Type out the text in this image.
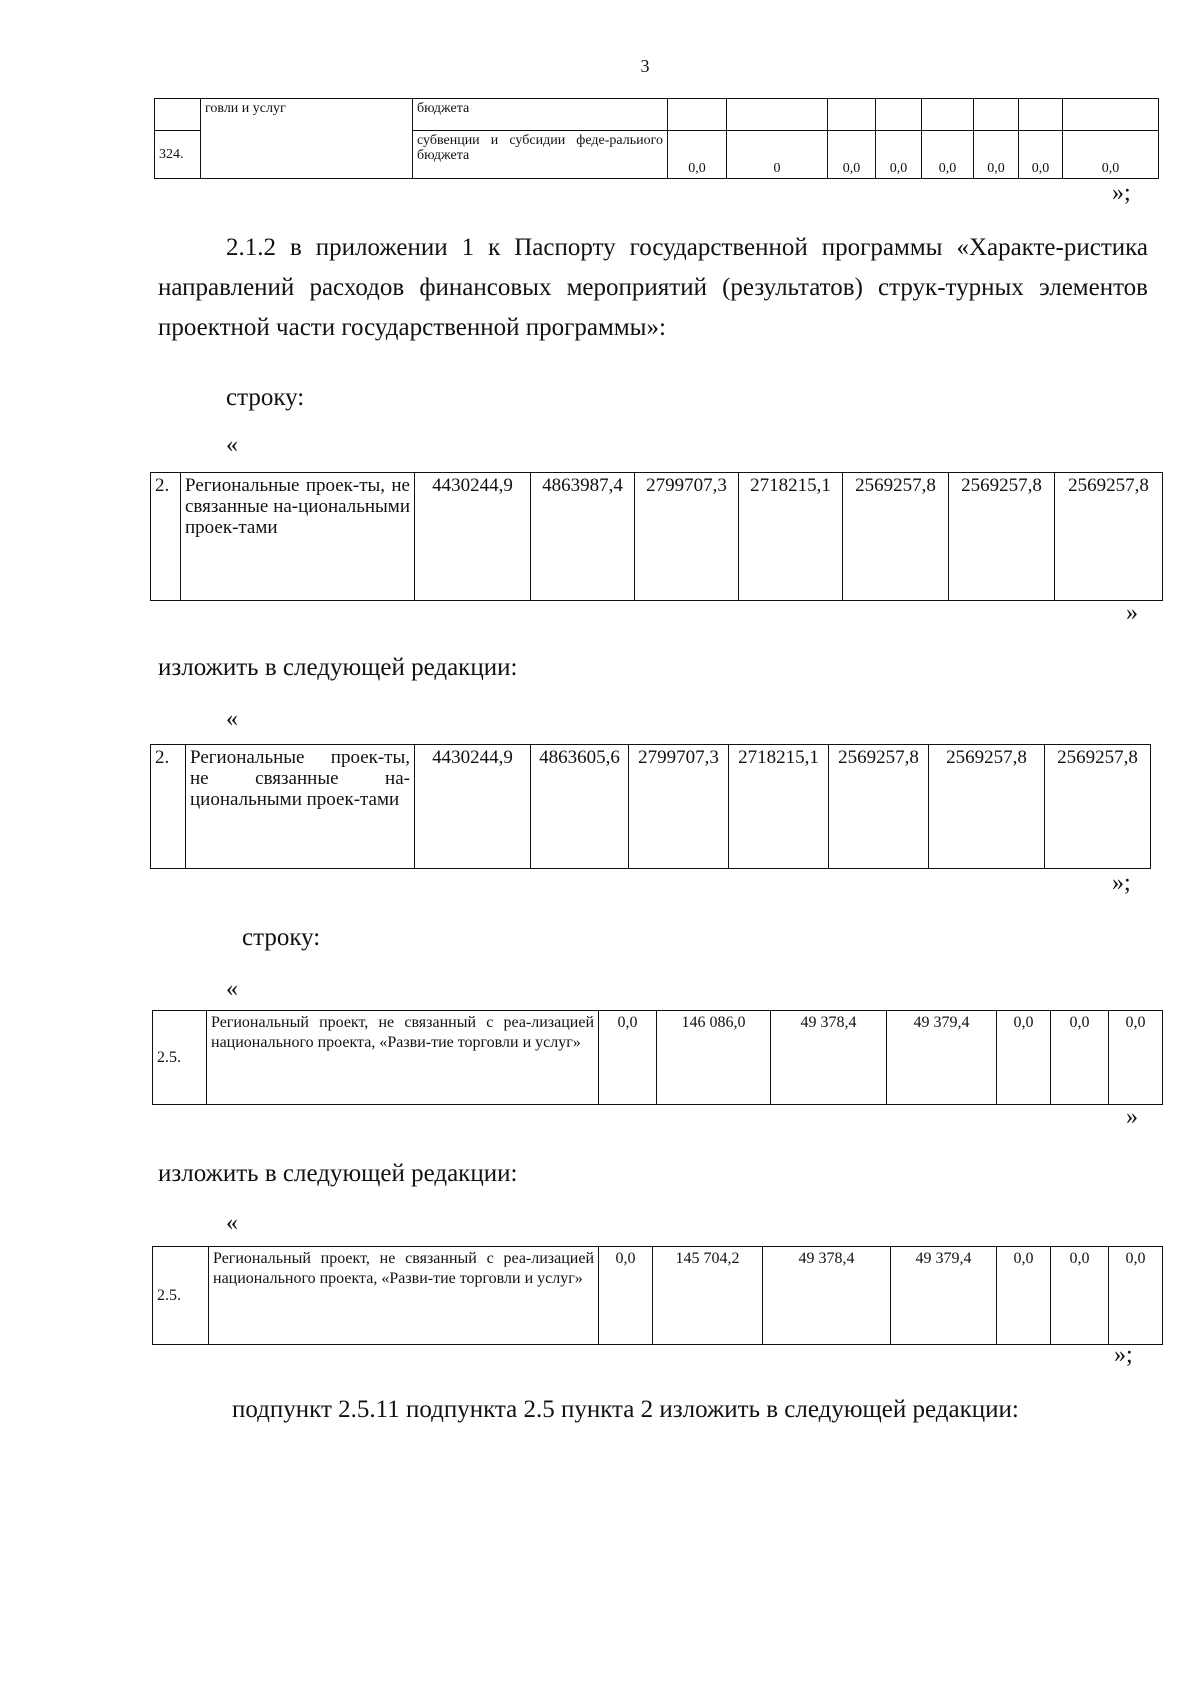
3
	говли и услуг	бюджета								
324.		субвенции и субсидии феде-ральиого бюджета	0,0	0	0,0	0,0	0,0	0,0	0,0	0,0
»;
2.1.2 в приложении 1 к Паспорту государственной программы «Характе-ристика направлений расходов финансовых мероприятий (результатов) струк-турных элементов проектной части государственной программы»:
строку:
«
2.	Региональные проек-ты, не связанные на-циональными проек-тами	4430244,9	4863987,4	2799707,3	2718215,1	2569257,8	2569257,8	2569257,8
»
изложить в следующей редакции:
«
2.	Региональные проек-ты, не связанные на-циональными проек-тами	4430244,9	4863605,6	2799707,3	2718215,1	2569257,8	2569257,8	2569257,8
»;
строку:
«
2.5.	Региональный проект, не связанный с реа-лизацией национального проекта, «Разви-тие торговли и услуг»	0,0	146 086,0	49 378,4	49 379,4	0,0	0,0	0,0
»
изложить в следующей редакции:
«
2.5.	Региональный проект, не связанный с реа-лизацией национального проекта, «Разви-тие торговли и услуг»	0,0	145 704,2	49 378,4	49 379,4	0,0	0,0	0,0
»;
подпункт 2.5.11 подпункта 2.5 пункта 2 изложить в следующей редакции:
